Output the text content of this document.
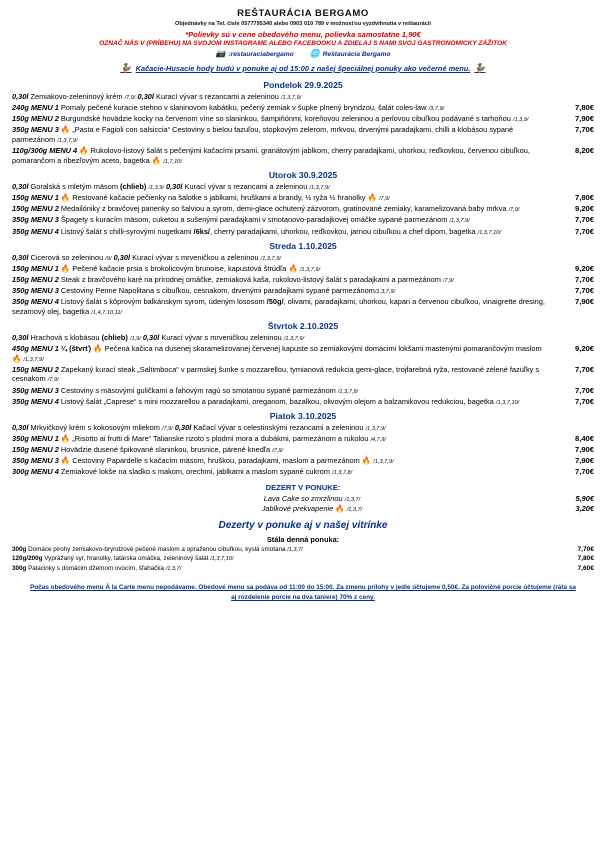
REŠTAURÁCIA BERGAMO
Objednávky na Tel. čísle 0577795340 alebo 0903 010 789 v možnosťou vyzdvihnutia v reštaurácii
*Polievky sú v cene obedového menu, polievka samostatne 1,90€
OZNAČ NÁS V (PRÍBEHU) NA SVOJOM INSTAGRAME ALEBO FACEBOOKU A ZDIELAJ S NAMI SVOJ GASTRONOMICKY ZÁŽITOK
📷 :restauraciabergamo 🌐 Reštaurácia Bergamo
🦆 Kačacie-Husacie hody budú v ponuke aj od 15:00 z našej špeciálnej ponuky ako večerné menu. 🦆
Pondelok 29.9.2025
0,30l Zemiakovo-zeleninový krém /7,9/ 0,30l Kurací vývar s rezancami a zeleninou /1,3,7,9/
240g MENU 1 Pomaly pečené kuracie stehno v slaninovom kabátiku, pečený zemiak v šupke plnený bryndzou, šalát coles-law /3,7,9/	7,80€
150g MENU 2 Burgundské hovädzie kocky na červenom víne so slaninkou, šampiňónmi, koreňovou zeleninou a perlovou cibuľkou podávané s tarhoňou /1,3,9/	7,90€
350g MENU 3 🔥 „Pasta e Fagioli con salsiccia“ Cestoviny s bielou fazuľou, stopkovým zelerom, mrkvou, drvenými paradajkami, chilli a klobásou sypané parmezánom /1,3,7,9/
7,70€
110g/300g MENU 4 🔥 Rukolovo-listový šalát s pečenými kačacími prsami, granátovým jablkom, cherry paradajkami, uhorkou, reďkovkou, červenou cibuľkou, pomarančom a ribezľovým aceto, bagetka 🔥 /1,7,10/
8,20€
Utorok 30.9.2025
0,30l Goralská s mletým mäsom (chlieb) /1,3,9/ 0,30l Kurací vývar s rezancami a zeleninou /1,3,7,9/
150g MENU 1 🔥 Restované kačacie pečienky na šalotke s jablkami, hruškami a brandy, ½ ryža ½ hranolky 🔥 /7,9/	7,80€
150g MENU 2 Medailóniky z bravčovej panenky so šalviou a syrom, demi-glace ochutený zázvorom, gratinované zemiaky, karamelizovaná baby mrkva /7,9/	9,20€
350g MENU 3 Špagety s kuracím mäsom, cuketou a sušenými paradajkami v smotanovo-paradajkovej omáčke sypané parmezánom /1,3,7,9/	7,70€
350g MENU 4 Listový šalát s chilli-syrovými nugetkami /6ks/, cherry paradajkami, uhorkou, reďkovkou, jarnou cibuľkou a chef dipom, bagetka /1,3,7,10/	7,70€
Streda 1.10.2025
0,30l Cicerová so zeleninou /9/ 0,30l Kurací vývar s mrveničkou a zeleninou /1,3,7,9/
150g MENU 1 🔥 Pečené kačacie prsia s brokolicovým brunoise, kapustová štrúdľa 🔥 /1,3,7,9/	9,20€
150g MENU 2 Steak z bravčového karé na prírodnej omáčke, zemiaková kaša, rukolovo-listový šalát s paradajkami a parmezánom /7,9/	7,70€
350g MENU 3 Cestoviny Penne Napolitana s cibuľkou, cesnakom, drvenými paradajkami sypané parmezánom/1,3,7,9/	7,70€
350g MENU 4 Listový šalát s kôprovým balkánskym syrom, údeným lososom /50g/, olivami, paradajkami, uhorkou, kapari a červenou cibuľkou, vinaigrette dresing, sezamový olej, bagetka /1,4,7,10,11/
7,90€
Štvrtok 2.10.2025
0,30l Hrachová s klobásou (chlieb) /1,9/ 0,30l Kurací vývar s mrveničkou zeleninou /1,3,7,9/
450g MENU 1 ¼ (štvrť) 🔥 Pečená kačica na dusenej skaramelizovanej červenej kapuste so zemiakovými domácimi lokšami mastenými pomarančovým maslom 🔥 /1,3,7,9/
9,20€
150g MENU 2 Zapekaný kurací steak „Saltimboca“ v parmskej šunke s mozzarellou, tymianová redukcia gemi-glace, trojfarebná ryža, restované zelené fazuľky s cesnakom /7,9/
7,70€
350g MENU 3 Cestoviny s mäsovými guličkami a ľahovým ragú so smotanou sypané parmezánom /1,3,7,9/	7,70€
350g MENU 4 Listový šalát „Caprese“ s mini mozzarellou a paradajkami, oreganom, bazalkou, olivovým olejom a balzamikovou redukciou, bagetka /1,3,7,10/	7,70€
Piatok 3.10.2025
0,30l Mrkvičkový krém s kokosovým mliekom /7,9/ 0,30l Kačací vývar s celestinskými rezancami a zeleninou /1,3,7,9/
350g MENU 1 🔥 „Risotto ai frutti di Mare“ Talianske rizoto s plodmi mora a dubákmi, parmezánom a rukolou /4,7,9/	8,40€
150g MENU 2 Hovädzie dusené špikované slaninkou, brusnice, párené knedľa /7,9/	7,90€
350g MENU 3 🔥 Cestoviny Papardelle s kačacím mäsom, hruškou, paradajkami, maslom a parmezánom 🔥 /1,3,7,9/	7,90€
300g MENU 4 Zemiakové lokše na sladko s makom, orechmi, jablkami a maslom sypané cukrom /1,3,7,8/	7,70€
DEZERT V PONUKE:
Lava Cake so zmrzlinou /1,3,7/	5,90€
Jablkové prekvapenie 🔥 /1,3,7/	3,20€
Dezerty v ponuke aj v našej vitrínke
Stála denná ponuka:
300g Domáce pirohy zemiakovo-bryndzové pečené maslom a opraženou cibuľkou, kyslá smotana /1,3,7/	7,70€
120g/200g Vyprážaný syr, hranolky, tatárska omáčka, zeleninový šalát /1,3,7,10/	7,80€
300g Palacinky s domácim džemom ovocím, šľahačka /1,3,7/	7,60€
Počas obedového menu À la Carte menu nepodávame. Obedové menu sa podáva od 11:00 do 15:00. Za zmenu prílohy v jedle účtujeme 0,50€. Za polovičné porcie účtujeme (ráta sa aj rozdelenie porcie na dva taniere) 70% z ceny.
